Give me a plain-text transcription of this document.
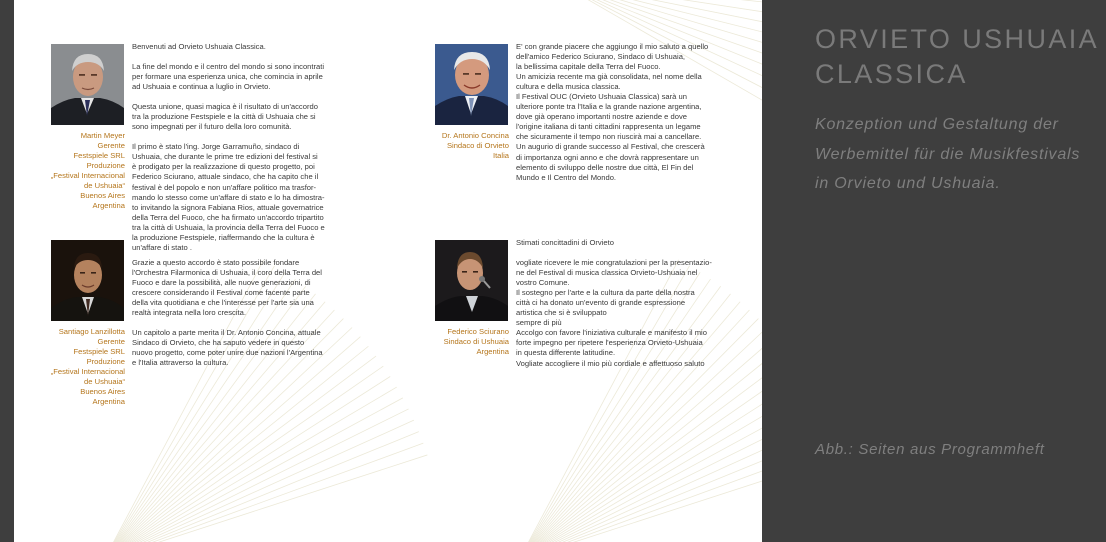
Martin Meyer
Gerente
Festspiele SRL
Produzione
„Festival Internacional
de Ushuaia“
Buenos Aires
Argentina

Benvenuti ad Orvieto Ushuaia Classica.

La fine del mondo e il centro del mondo si sono incontrati

per formare una esperienza unica, che comincia in aprile

ad Ushuaia e continua a luglio in Orvieto.

Questa unione, quasi magica è il risultato di un'accordo

tra la produzione Festspiele e la città di Ushuaia che si

sono impegnati per il futuro della loro comunità.

Il primo è stato l'ing. Jorge Garramuño, sindaco di

Ushuaia, che durante le prime tre edizioni del festival si

è prodigato per la realizzazione di questo progetto, poi

Federico Sciurano, attuale sindaco, che ha capito che il

festival è del popolo e non un'affare politico ma trasfor-

mando lo stesso come un'affare di stato e lo ha dimostra-

to invitando la signora Fabiana Rios, attuale governatrice

della Terra del Fuoco, che ha firmato un'accordo tripartito

tra la città di Ushuaia, la provincia della Terra del Fuoco e

la produzione Festspiele, riaffermando che la cultura è

un'affare di stato .

Santiago Lanzillotta
Gerente
Festspiele SRL
Produzione
„Festival Internacional
de Ushuaia“
Buenos Aires
Argentina

Grazie a questo accordo è stato possibile fondare

l'Orchestra Filarmonica di Ushuaia, il coro della Terra del

Fuoco e dare la possibilità, alle nuove generazioni, di

crescere considerando il Festival come facente parte

della vita quotidiana e che l'interesse per l'arte sia una

realtà integrata nella loro crescita.

Un capitolo a parte merita il Dr. Antonio Concina, attuale

Sindaco di Orvieto, che ha saputo vedere in questo

nuovo progetto, come poter unire due nazioni l'Argentina

e l'Italia attraverso la cultura.

Dr. Antonio Concina
Sindaco di Orvieto
Italia

E' con grande piacere che aggiungo il mio saluto a quello

dell'amico Federico Sciurano, Sindaco di Ushuaia,

la bellissima capitale della Terra del Fuoco.

Un amicizia recente ma già consolidata, nel nome della

cultura e della musica classica.

Il Festival OUC (Orvieto Ushuaia Classica) sarà un

ulteriore ponte tra l'Italia e la grande nazione argentina,

dove già operano importanti nostre aziende e dove

l'origine italiana di tanti cittadini rappresenta un legame

che sicuramente il tempo non riuscirà mai a cancellare.

Un augurio di grande successo al Festival, che crescerà

di importanza ogni anno e che dovrà rappresentare un

elemento di sviluppo delle nostre due città, El Fin del

Mundo e Il Centro del Mondo.

Federico Sciurano
Sindaco di Ushuaia
Argentina

Stimati concittadini di Orvieto

vogliate ricevere le mie congratulazioni per la presentazio-

ne del Festival di musica classica Orvieto-Ushuaia nel

vostro Comune.

Il sostegno per l'arte e la cultura da parte della nostra

città ci ha donato un'evento di grande espressione

artistica che si è sviluppato

sempre di più

Accolgo con favore l'iniziativa culturale e manifesto il mio

forte impegno per ripetere l'esperienza Orvieto-Ushuaia

in questa differente latitudine.

Vogliate accogliere il mio più cordiale e affettuoso saluto

ORVIETO USHUAIA
CLASSICA
Konzeption und Gestaltung der
Werbemittel für die Musikfestivals
in Orvieto und Ushuaia.
Abb.: Seiten aus Programmheft
